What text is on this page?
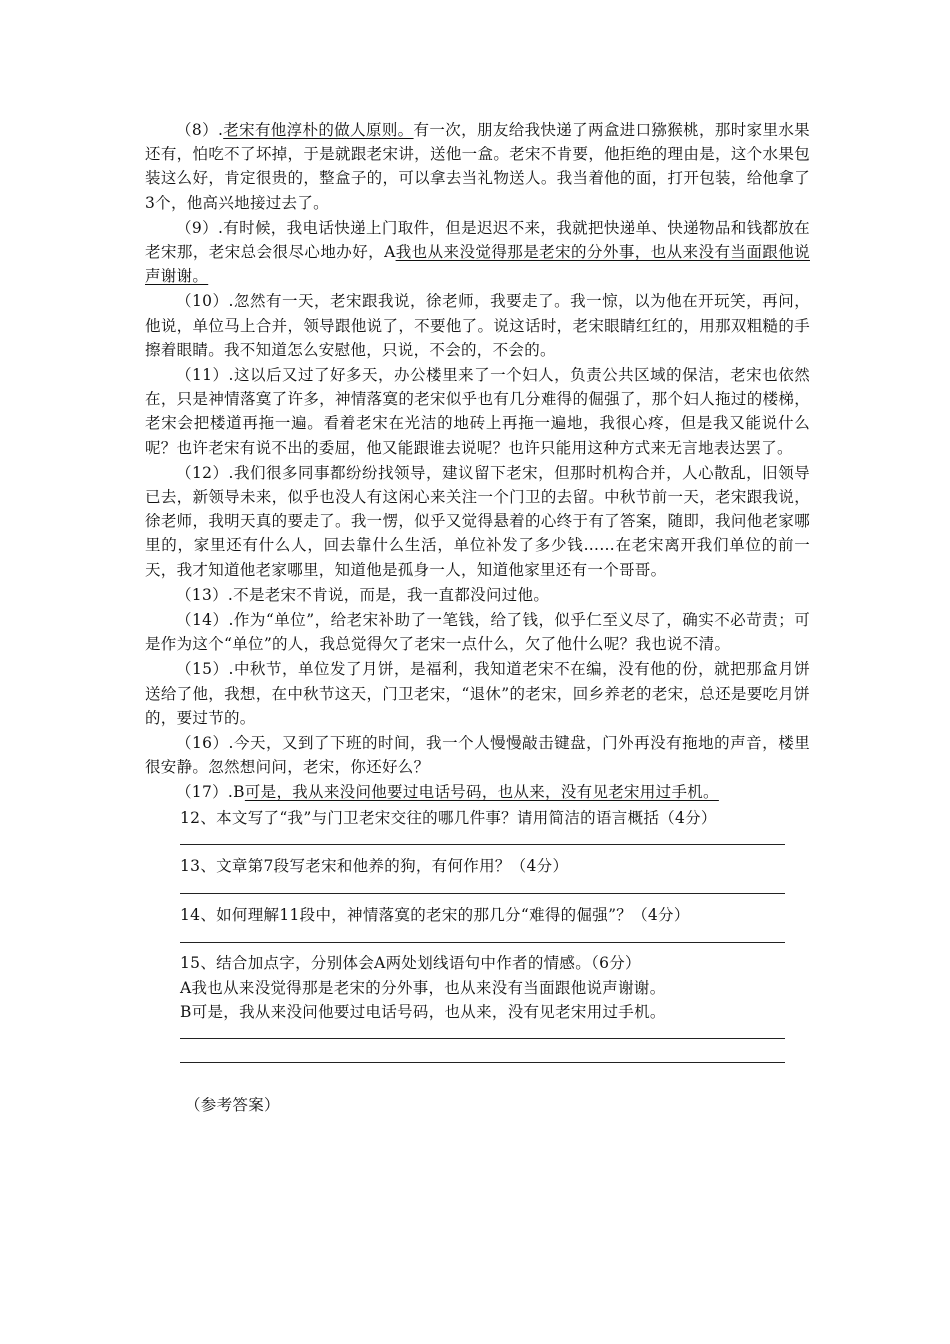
（8）.老宋有他淳朴的做人原则。有一次，朋友给我快递了两盒进口猕猴桃，那时家里水果还有，怕吃不了坏掉，于是就跟老宋讲，送他一盒。老宋不肯要，他拒绝的理由是，这个水果包装这么好，肯定很贵的，整盒子的，可以拿去当礼物送人。我当着他的面，打开包装，给他拿了3个，他高兴地接过去了。

（9）.有时候，我电话快递上门取件，但是迟迟不来，我就把快递单、快递物品和钱都放在老宋那，老宋总会很尽心地办好，A我也从来没觉得那是老宋的分外事，也从来没有当面跟他说声谢谢。

（10）.忽然有一天，老宋跟我说，徐老师，我要走了。我一惊，以为他在开玩笑，再问，他说，单位马上合并，领导跟他说了，不要他了。说这话时，老宋眼睛红红的，用那双粗糙的手擦着眼睛。我不知道怎么安慰他，只说，不会的，不会的。

（11）.这以后又过了好多天，办公楼里来了一个妇人，负责公共区域的保洁，老宋也依然在，只是神情落寞了许多，神情落寞的老宋似乎也有几分难得的倔强了，那个妇人拖过的楼梯，老宋会把楼道再拖一遍。看着老宋在光洁的地砖上再拖一遍地，我很心疼，但是我又能说什么呢？也许老宋有说不出的委屈，他又能跟谁去说呢？也许只能用这种方式来无言地表达罢了。

（12）.我们很多同事都纷纷找领导，建议留下老宋，但那时机构合并，人心散乱，旧领导已去，新领导未来，似乎也没人有这闲心来关注一个门卫的去留。中秋节前一天，老宋跟我说，徐老师，我明天真的要走了。我一愣，似乎又觉得悬着的心终于有了答案，随即，我问他老家哪里的，家里还有什么人，回去靠什么生活，单位补发了多少钱……在老宋离开我们单位的前一天，我才知道他老家哪里，知道他是孤身一人，知道他家里还有一个哥哥。

（13）.不是老宋不肯说，而是，我一直都没问过他。

（14）.作为“单位”，给老宋补助了一笔钱，给了钱，似乎仁至义尽了，确实不必苛责；可是作为这个“单位”的人，我总觉得欠了老宋一点什么，欠了他什么呢？我也说不清。

（15）.中秋节，单位发了月饼，是福利，我知道老宋不在编，没有他的份，就把那盒月饼送给了他，我想，在中秋节这天，门卫老宋，“退休”的老宋，回乡养老的老宋，总还是要吃月饼的，要过节的。

（16）.今天，又到了下班的时间，我一个人慢慢敲击键盘，门外再没有拖地的声音，楼里很安静。忽然想问问，老宋，你还好么？

（17）.B可是，我从来没问他要过电话号码，也从来，没有见老宋用过手机。

12、本文写了“我”与门卫老宋交往的哪几件事？请用简洁的语言概括（4分）

13、文章第7段写老宋和他养的狗，有何作用？（4分）

14、如何理解11段中，神情落寞的老宋的那几分“难得的倔强”？（4分）

15、结合加点字，分别体会A两处划线语句中作者的情感。（6分）

A我也从来没觉得那是老宋的分外事，也从来没有当面跟他说声谢谢。

B可是，我从来没问他要过电话号码，也从来，没有见老宋用过手机。

（参考答案）
